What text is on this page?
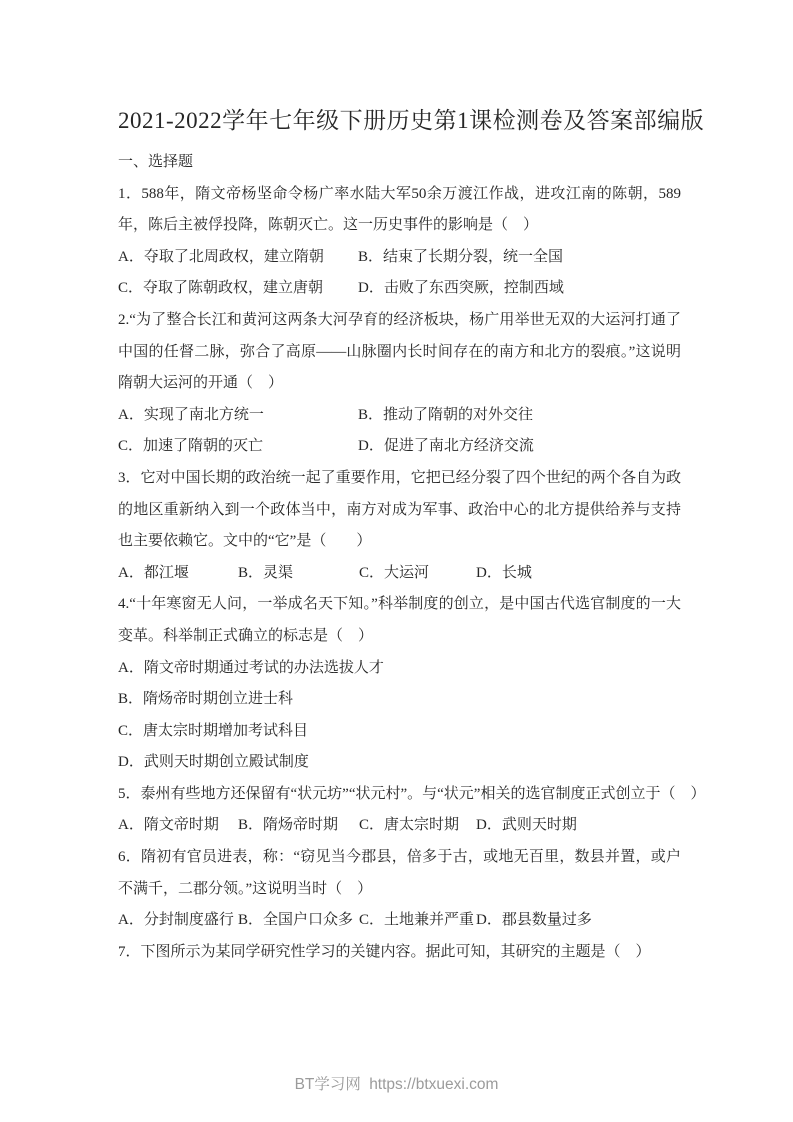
2021-2022学年七年级下册历史第1课检测卷及答案部编版
一、选择题

1．588年，隋文帝杨坚命令杨广率水陆大军50余万渡江作战，进攻江南的陈朝，589年，陈后主被俘投降，陈朝灭亡。这一历史事件的影响是（　）

A．夺取了北周政权，建立隋朝	B．结束了长期分裂，统一全国
C．夺取了陈朝政权，建立唐朝	D．击败了东西突厥，控制西域

2.“为了整合长江和黄河这两条大河孕育的经济板块，杨广用举世无双的大运河打通了中国的任督二脉，弥合了高原——山脉圈内长时间存在的南方和北方的裂痕。”这说明隋朝大运河的开通（　）

A．实现了南北方统一	B．推动了隋朝的对外交往
C．加速了隋朝的灭亡	D．促进了南北方经济交流

3．它对中国长期的政治统一起了重要作用，它把已经分裂了四个世纪的两个各自为政的地区重新纳入到一个政体当中，南方对成为军事、政治中心的北方提供给养与支持也主要依赖它。文中的“它”是（　　）

A．都江堰	B．灵渠	C．大运河	D．长城

4.“十年寒窗无人问，一举成名天下知。”科举制度的创立，是中国古代选官制度的一大变革。科举制正式确立的标志是（　）

A．隋文帝时期通过考试的办法选拔人才
B．隋炀帝时期创立进士科
C．唐太宗时期增加考试科目
D．武则天时期创立殿试制度

5．泰州有些地方还保留有“状元坊”“状元村”。与“状元”相关的选官制度正式创立于（　）

A．隋文帝时期	B．隋炀帝时期	C．唐太宗时期	D．武则天时期

6．隋初有官员进表，称：“窃见当今郡县，倍多于古，或地无百里，数县并置，或户不满千，二郡分领。”这说明当时（　）

A．分封制度盛行 B．全国户口众多 C．土地兼并严重 D．郡县数量过多

7．下图所示为某同学研究性学习的关键内容。据此可知，其研究的主题是（　）

BT学习网 https://btxuexi.com
